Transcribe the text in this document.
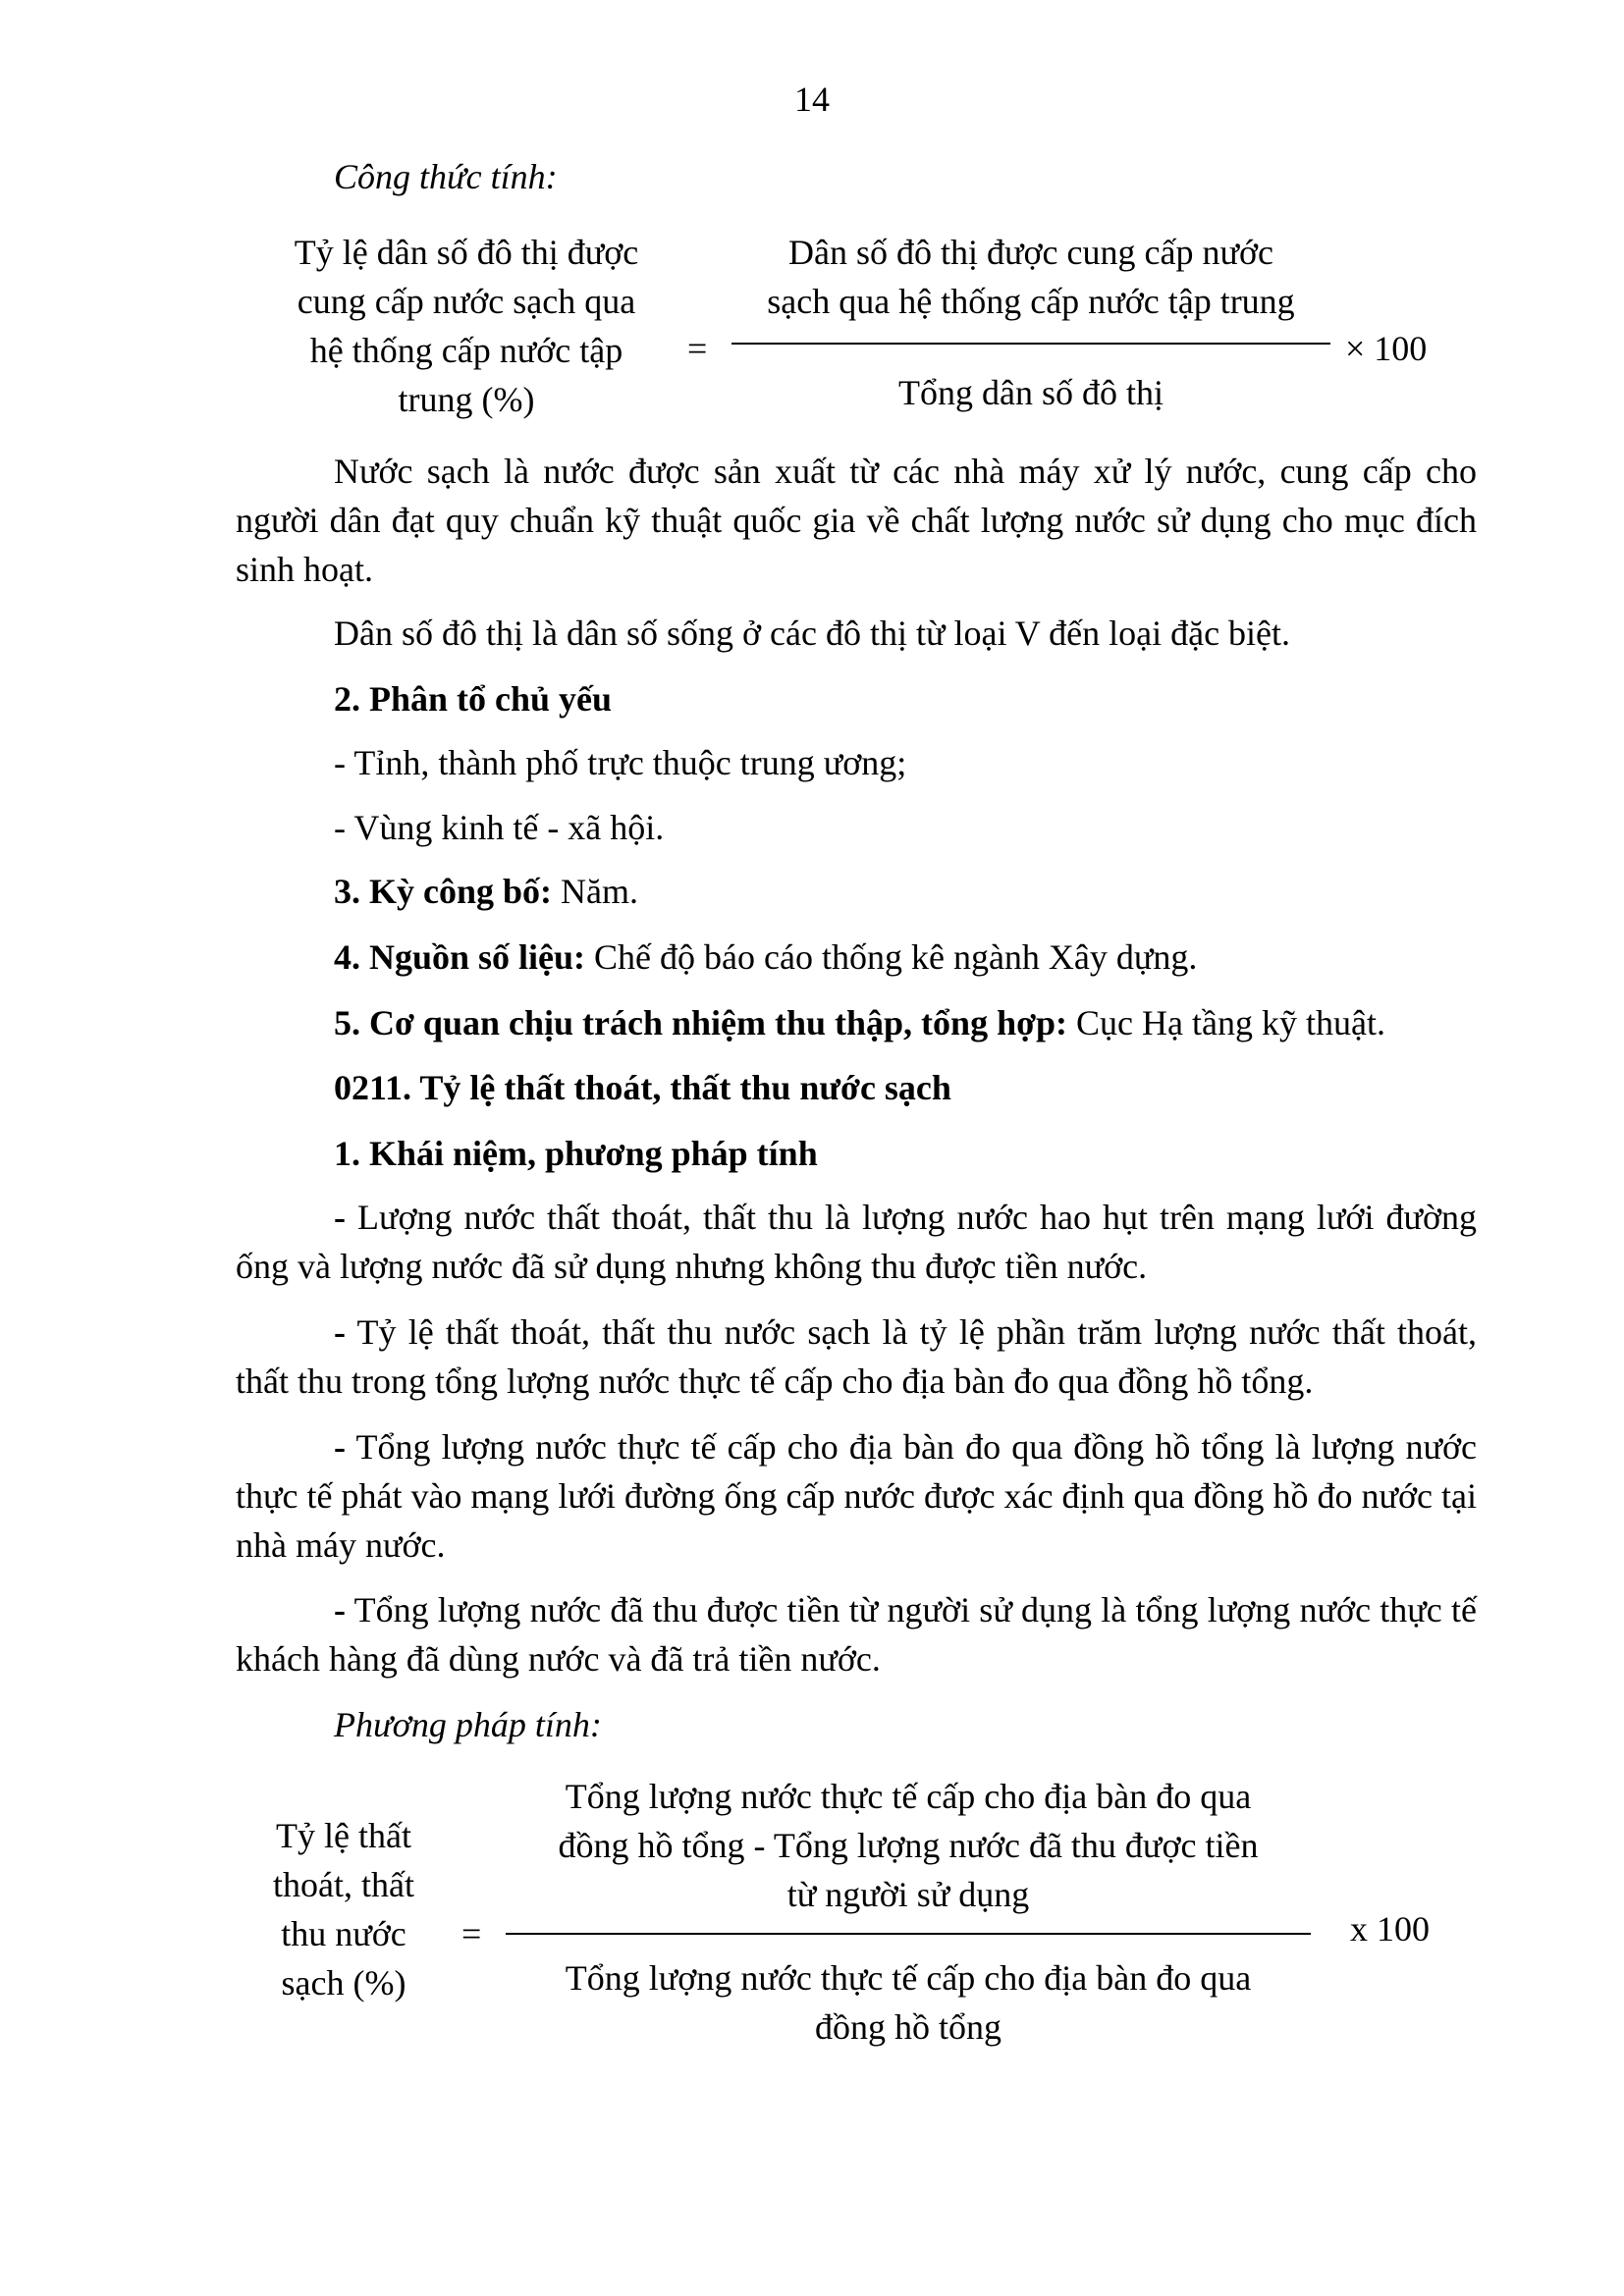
14
Công thức tính:
Tỷ lệ dân số đô thị được
cung cấp nước sạch qua
hệ thống cấp nước tập
trung (%)
=
Dân số đô thị được cung cấp nước
sạch qua hệ thống cấp nước tập trung
Tổng dân số đô thị
× 100
Nước sạch là nước được sản xuất từ các nhà máy xử lý nước, cung cấp cho người dân đạt quy chuẩn kỹ thuật quốc gia về chất lượng nước sử dụng cho mục đích sinh hoạt.
Dân số đô thị là dân số sống ở các đô thị từ loại V đến loại đặc biệt.
2. Phân tổ chủ yếu
- Tỉnh, thành phố trực thuộc trung ương;
- Vùng kinh tế - xã hội.
3. Kỳ công bố: Năm.
4. Nguồn số liệu: Chế độ báo cáo thống kê ngành Xây dựng.
5. Cơ quan chịu trách nhiệm thu thập, tổng hợp: Cục Hạ tầng kỹ thuật.
0211. Tỷ lệ thất thoát, thất thu nước sạch
1. Khái niệm, phương pháp tính
- Lượng nước thất thoát, thất thu là lượng nước hao hụt trên mạng lưới đường ống và lượng nước đã sử dụng nhưng không thu được tiền nước.
- Tỷ lệ thất thoát, thất thu nước sạch là tỷ lệ phần trăm lượng nước thất thoát, thất thu trong tổng lượng nước thực tế cấp cho địa bàn đo qua đồng hồ tổng.
- Tổng lượng nước thực tế cấp cho địa bàn đo qua đồng hồ tổng là lượng nước thực tế phát vào mạng lưới đường ống cấp nước được xác định qua đồng hồ đo nước tại nhà máy nước.
- Tổng lượng nước đã thu được tiền từ người sử dụng là tổng lượng nước thực tế khách hàng đã dùng nước và đã trả tiền nước.
Phương pháp tính:
Tỷ lệ thất
thoát, thất
thu nước
sạch (%)
=
Tổng lượng nước thực tế cấp cho địa bàn đo qua
đồng hồ tổng - Tổng lượng nước đã thu được tiền
từ người sử dụng
Tổng lượng nước thực tế cấp cho địa bàn đo qua
đồng hồ tổng
x 100
